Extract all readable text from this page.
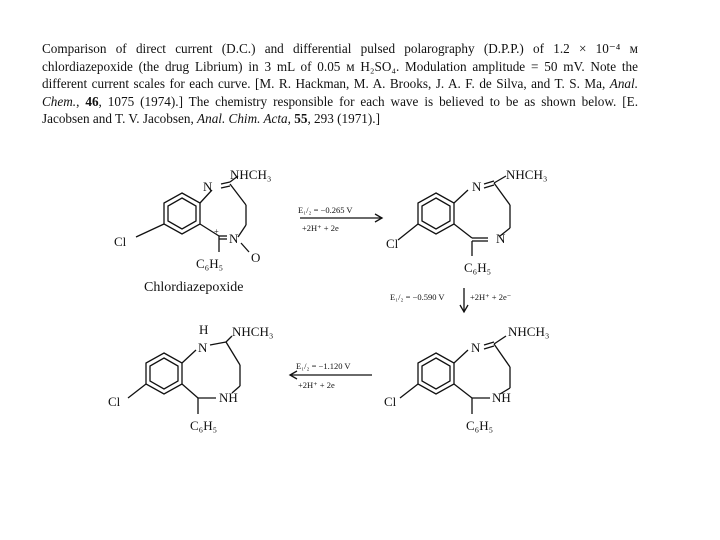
Comparison of direct current (D.C.) and differential pulsed polarography (D.P.P.) of 1.2 × 10⁻⁴ м chlordiazepoxide (the drug Librium) in 3 mL of 0.05 м H₂SO₄. Modulation amplitude = 50 mV. Note the different current scales for each curve. [M. R. Hackman, M. A. Brooks, J. A. F. de Silva, and T. S. Ma, Anal. Chem., 46, 1075 (1974).] The chemistry responsible for each wave is believed to be as shown below. [E. Jacobsen and T. V. Jacobsen, Anal. Chim. Acta, 55, 293 (1971).]
NHCH₃
N
N
+
O
Cl
C₆H₅
Chlordiazepoxide
NHCH₃
N
N
Cl
C₆H₅
H NHCH₃
N
NH
Cl
C₆H₅
NHCH₃
N
NH
Cl
C₆H₅
E₁/₂ = −0.265 V
+2H⁺ + 2e
E₁/₂ = −0.590 V	+2H⁺ + 2e⁻
E₁/₂ = −1.120 V
+2H⁺ + 2e
